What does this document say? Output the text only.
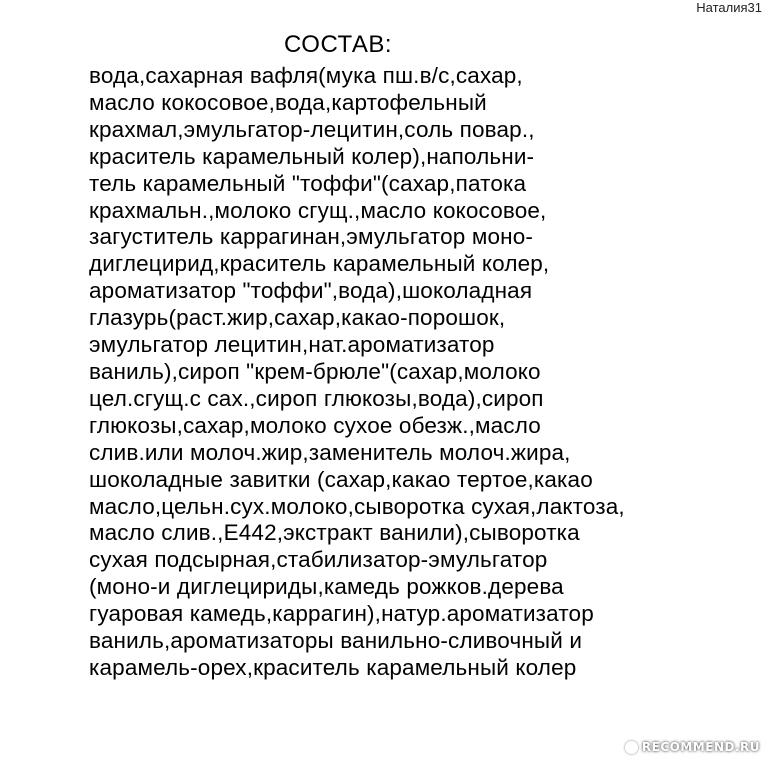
Наталия31
СОСТАВ:
вода,сахарная вафля(мука пш.в/с,сахар,
масло кокосовое,вода,картофельный
крахмал,эмульгатор-лецитин,соль повар.,
краситель карамельный колер),напольни-
тель карамельный "тоффи"(сахар,патока
крахмальн.,молоко сгущ.,масло кокосовое,
загуститель каррагинан,эмульгатор моно-
диглецирид,краситель карамельный колер,
ароматизатор "тоффи",вода),шоколадная
глазурь(раст.жир,сахар,какао-порошок,
эмульгатор лецитин,нат.ароматизатор
ваниль),сироп "крем-брюле"(сахар,молоко
цел.сгущ.с сах.,сироп глюкозы,вода),сироп
глюкозы,сахар,молоко сухое обезж.,масло
слив.или молоч.жир,заменитель молоч.жира,
шоколадные завитки (сахар,какао тертое,какао
масло,цельн.сух.молоко,сыворотка сухая,лактоза,
масло слив.,Е442,экстракт ванили),сыворотка
сухая подсырная,стабилизатор-эмульгатор
(моно-и диглецириды,камедь рожков.дерева
гуаровая камедь,каррагин),натур.ароматизатор
ваниль,ароматизаторы ванильно-сливочный и
карамель-орех,краситель карамельный колер
RECOMMEND.RU
